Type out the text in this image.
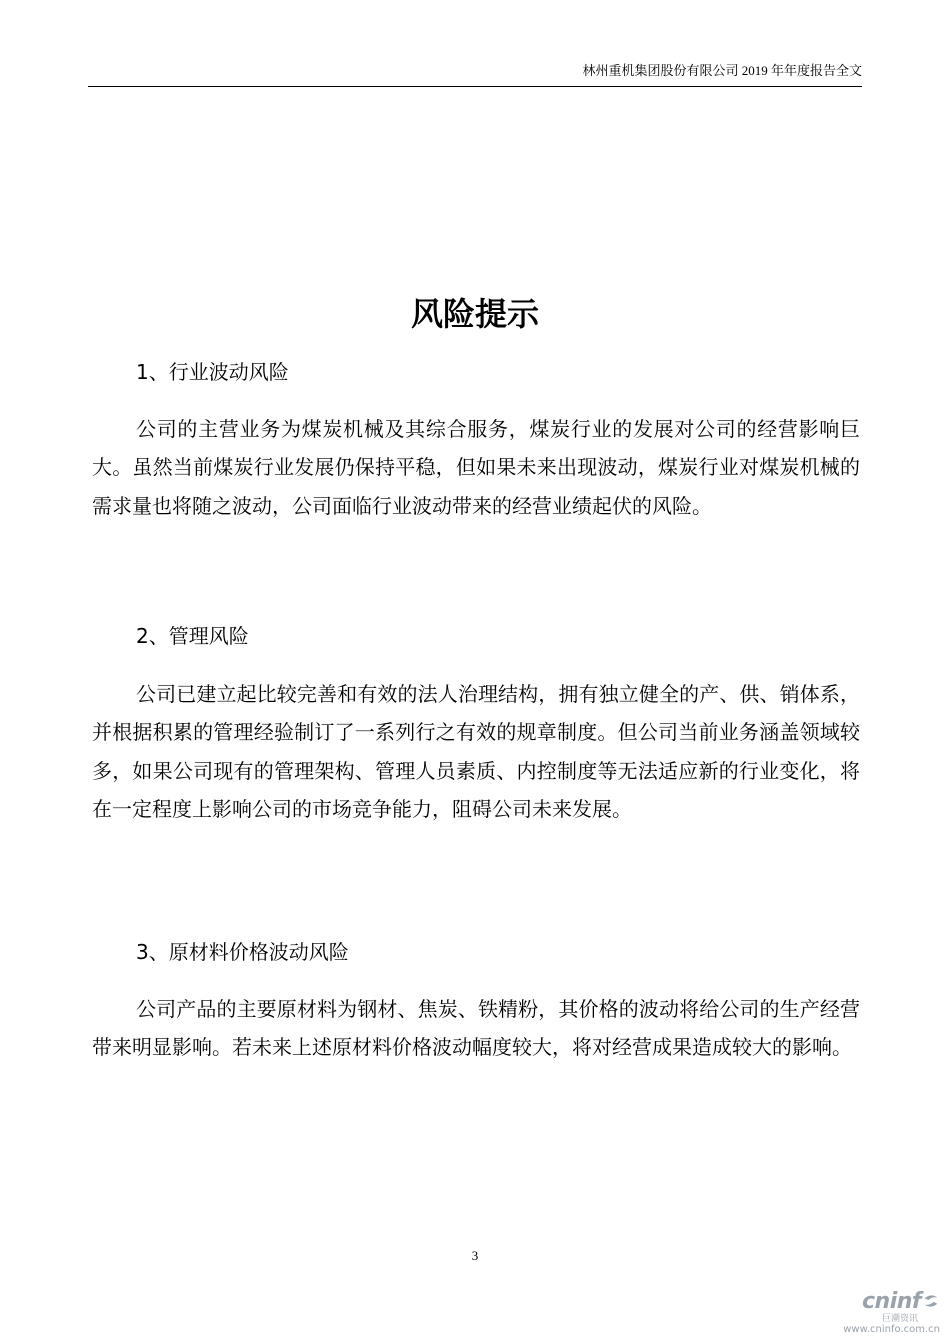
林州重机集团股份有限公司 2019 年年度报告全文
风险提示
1、行业波动风险

公司的主营业务为煤炭机械及其综合服务，煤炭行业的发展对公司的经营影响巨大。虽然当前煤炭行业发展仍保持平稳，但如果未来出现波动，煤炭行业对煤炭机械的需求量也将随之波动，公司面临行业波动带来的经营业绩起伏的风险。

2、管理风险

公司已建立起比较完善和有效的法人治理结构，拥有独立健全的产、供、销体系，并根据积累的管理经验制订了一系列行之有效的规章制度。但公司当前业务涵盖领域较多，如果公司现有的管理架构、管理人员素质、内控制度等无法适应新的行业变化，将在一定程度上影响公司的市场竞争能力，阻碍公司未来发展。

3、原材料价格波动风险

公司产品的主要原材料为钢材、焦炭、铁精粉，其价格的波动将给公司的生产经营带来明显影响。若未来上述原材料价格波动幅度较大，将对经营成果造成较大的影响。

3
cninf
巨潮资讯
www.cninfo.com.cn
